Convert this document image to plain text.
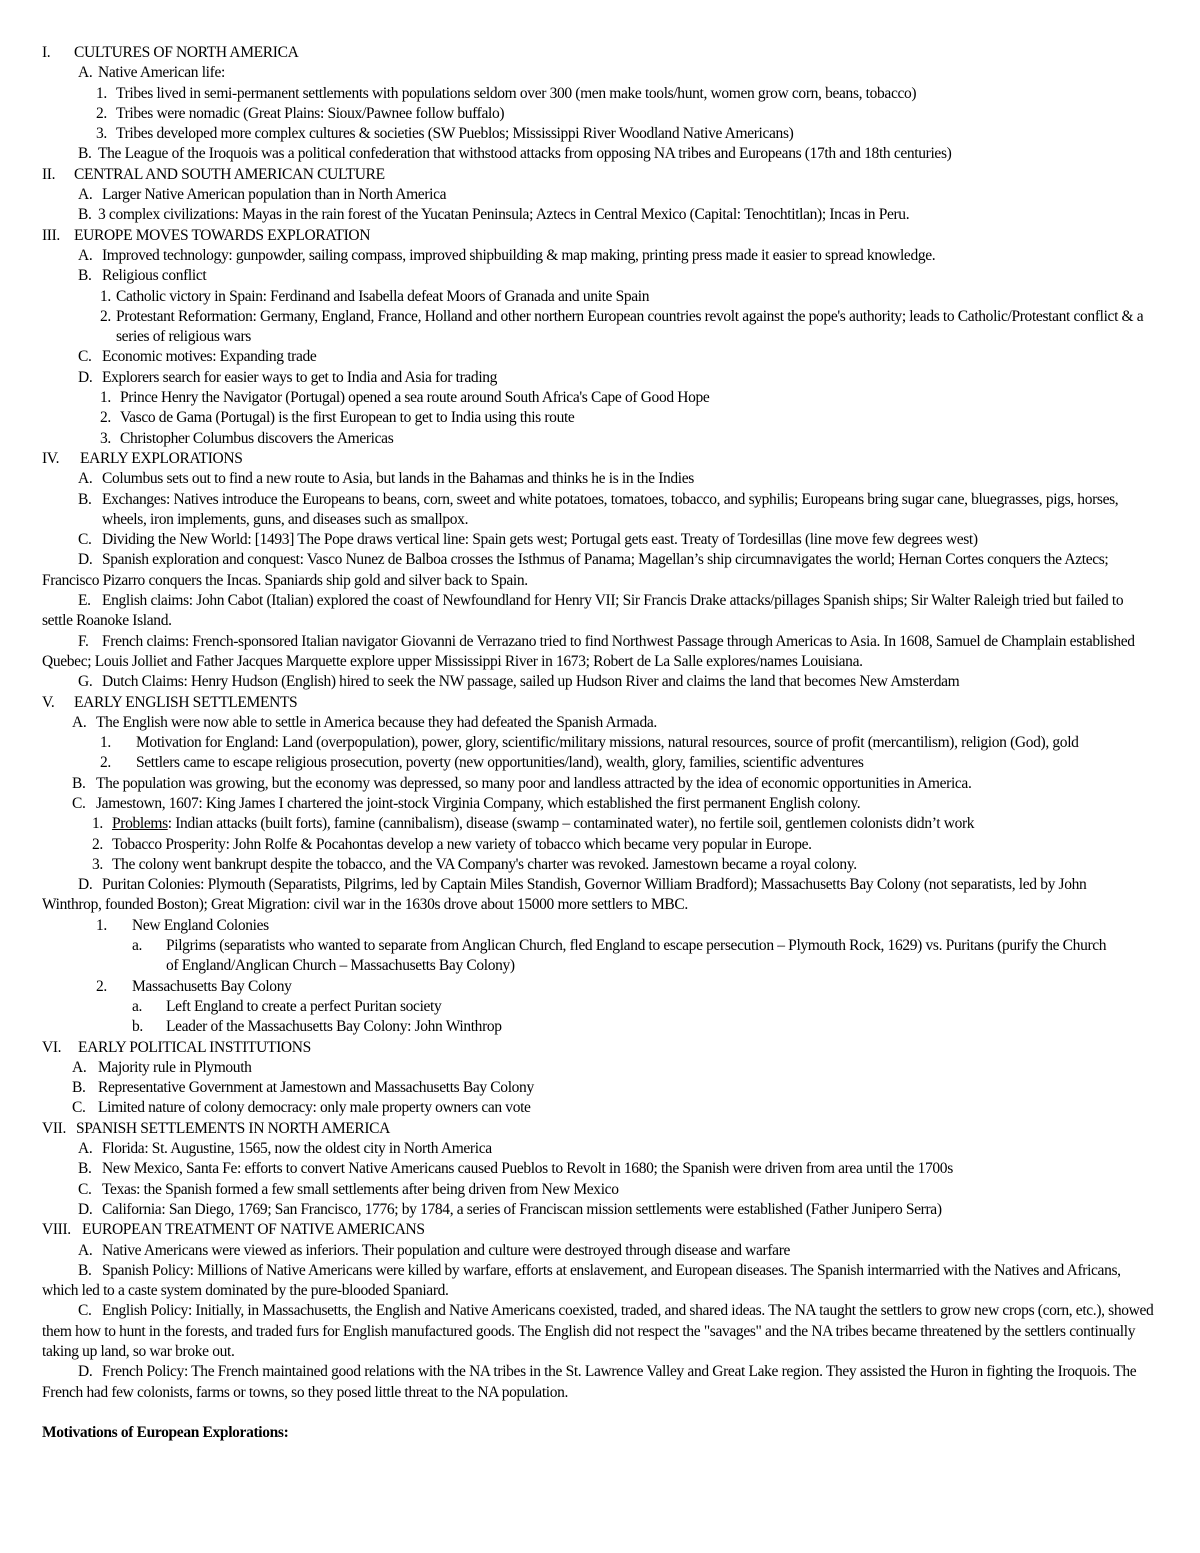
I. CULTURES OF NORTH AMERICA
A. Native American life:
1. Tribes lived in semi-permanent settlements with populations seldom over 300 (men make tools/hunt, women grow corn, beans, tobacco)
2. Tribes were nomadic (Great Plains: Sioux/Pawnee follow buffalo)
3. Tribes developed more complex cultures & societies (SW Pueblos; Mississippi River Woodland Native Americans)
B. The League of the Iroquois was a political confederation that withstood attacks from opposing NA tribes and Europeans (17th and 18th centuries)
II. CENTRAL AND SOUTH AMERICAN CULTURE
A. Larger Native American population than in North America
B. 3 complex civilizations: Mayas in the rain forest of the Yucatan Peninsula; Aztecs in Central Mexico (Capital: Tenochtitlan); Incas in Peru.
III. EUROPE MOVES TOWARDS EXPLORATION
A. Improved technology: gunpowder, sailing compass, improved shipbuilding & map making, printing press made it easier to spread knowledge.
B. Religious conflict
1. Catholic victory in Spain: Ferdinand and Isabella defeat Moors of Granada and unite Spain
2. Protestant Reformation: Germany, England, France, Holland and other northern European countries revolt against the pope's authority; leads to Catholic/Protestant conflict & a series of religious wars
C. Economic motives: Expanding trade
D. Explorers search for easier ways to get to India and Asia for trading
1. Prince Henry the Navigator (Portugal) opened a sea route around South Africa's Cape of Good Hope
2. Vasco de Gama (Portugal) is the first European to get to India using this route
3. Christopher Columbus discovers the Americas
IV. EARLY EXPLORATIONS
A. Columbus sets out to find a new route to Asia, but lands in the Bahamas and thinks he is in the Indies
B. Exchanges: Natives introduce the Europeans to beans, corn, sweet and white potatoes, tomatoes, tobacco, and syphilis; Europeans bring sugar cane, bluegrasses, pigs, horses, wheels, iron implements, guns, and diseases such as smallpox.
C. Dividing the New World: [1493] The Pope draws vertical line: Spain gets west; Portugal gets east. Treaty of Tordesillas (line move few degrees west)
D. Spanish exploration and conquest: Vasco Nunez de Balboa crosses the Isthmus of Panama; Magellan’s ship circumnavigates the world; Hernan Cortes conquers the Aztecs; Francisco Pizarro conquers the Incas. Spaniards ship gold and silver back to Spain.
E. English claims: John Cabot (Italian) explored the coast of Newfoundland for Henry VII; Sir Francis Drake attacks/pillages Spanish ships; Sir Walter Raleigh tried but failed to settle Roanoke Island.
F. French claims: French-sponsored Italian navigator Giovanni de Verrazano tried to find Northwest Passage through Americas to Asia. In 1608, Samuel de Champlain established Quebec; Louis Jolliet and Father Jacques Marquette explore upper Mississippi River in 1673; Robert de La Salle explores/names Louisiana.
G. Dutch Claims: Henry Hudson (English) hired to seek the NW passage, sailed up Hudson River and claims the land that becomes New Amsterdam
V. EARLY ENGLISH SETTLEMENTS
A. The English were now able to settle in America because they had defeated the Spanish Armada.
1. Motivation for England: Land (overpopulation), power, glory, scientific/military missions, natural resources, source of profit (mercantilism), religion (God), gold
2. Settlers came to escape religious prosecution, poverty (new opportunities/land), wealth, glory, families, scientific adventures
B. The population was growing, but the economy was depressed, so many poor and landless attracted by the idea of economic opportunities in America.
C. Jamestown, 1607: King James I chartered the joint-stock Virginia Company, which established the first permanent English colony.
1. Problems: Indian attacks (built forts), famine (cannibalism), disease (swamp – contaminated water), no fertile soil, gentlemen colonists didn’t work
2. Tobacco Prosperity: John Rolfe & Pocahontas develop a new variety of tobacco which became very popular in Europe.
3. The colony went bankrupt despite the tobacco, and the VA Company's charter was revoked. Jamestown became a royal colony.
D. Puritan Colonies: Plymouth (Separatists, Pilgrims, led by Captain Miles Standish, Governor William Bradford); Massachusetts Bay Colony (not separatists, led by John Winthrop, founded Boston); Great Migration: civil war in the 1630s drove about 15000 more settlers to MBC.
1. New England Colonies
a. Pilgrims (separatists who wanted to separate from Anglican Church, fled England to escape persecution – Plymouth Rock, 1629) vs. Puritans (purify the Church of England/Anglican Church – Massachusetts Bay Colony)
2. Massachusetts Bay Colony
a. Left England to create a perfect Puritan society
b. Leader of the Massachusetts Bay Colony: John Winthrop
VI. EARLY POLITICAL INSTITUTIONS
A. Majority rule in Plymouth
B. Representative Government at Jamestown and Massachusetts Bay Colony
C. Limited nature of colony democracy: only male property owners can vote
VII. SPANISH SETTLEMENTS IN NORTH AMERICA
A. Florida: St. Augustine, 1565, now the oldest city in North America
B. New Mexico, Santa Fe: efforts to convert Native Americans caused Pueblos to Revolt in 1680; the Spanish were driven from area until the 1700s
C. Texas: the Spanish formed a few small settlements after being driven from New Mexico
D. California: San Diego, 1769; San Francisco, 1776; by 1784, a series of Franciscan mission settlements were established (Father Junipero Serra)
VIII. EUROPEAN TREATMENT OF NATIVE AMERICANS
A. Native Americans were viewed as inferiors. Their population and culture were destroyed through disease and warfare
B. Spanish Policy: Millions of Native Americans were killed by warfare, efforts at enslavement, and European diseases. The Spanish intermarried with the Natives and Africans, which led to a caste system dominated by the pure-blooded Spaniard.
C. English Policy: Initially, in Massachusetts, the English and Native Americans coexisted, traded, and shared ideas. The NA taught the settlers to grow new crops (corn, etc.), showed them how to hunt in the forests, and traded furs for English manufactured goods. The English did not respect the "savages" and the NA tribes became threatened by the settlers continually taking up land, so war broke out.
D. French Policy: The French maintained good relations with the NA tribes in the St. Lawrence Valley and Great Lake region. They assisted the Huron in fighting the Iroquois. The French had few colonists, farms or towns, so they posed little threat to the NA population.
Motivations of European Explorations:
